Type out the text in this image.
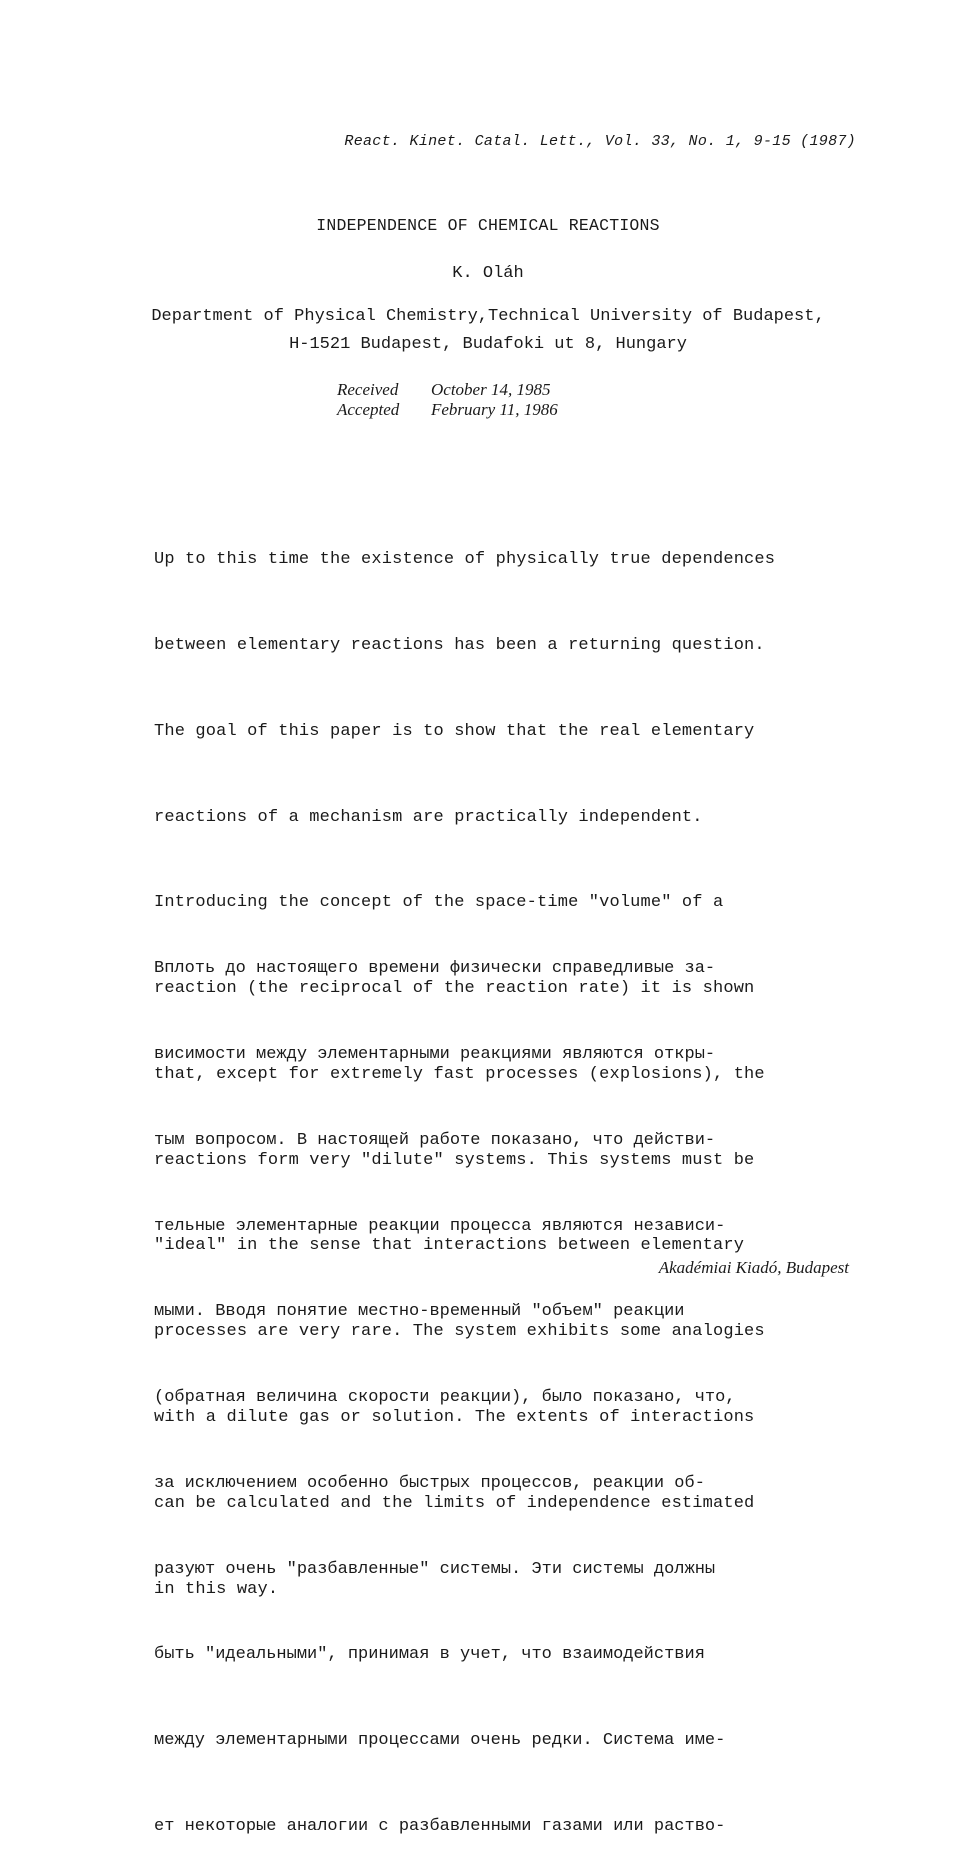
React. Kinet. Catal. Lett., Vol. 33, No. 1, 9-15 (1987)
INDEPENDENCE OF CHEMICAL REACTIONS
K. Oláh
Department of Physical Chemistry,Technical University of Budapest,
H-1521 Budapest, Budafoki ut 8, Hungary
Received	October 14, 1985
Accepted	February 11, 1986

Up to this time the existence of physically true dependences

between elementary reactions has been a returning question.

The goal of this paper is to show that the real elementary

reactions of a mechanism are practically independent.

Introducing the concept of the space-time "volume" of a

reaction (the reciprocal of the reaction rate) it is shown

that, except for extremely fast processes (explosions), the

reactions form very "dilute" systems. This systems must be

"ideal" in the sense that interactions between elementary

processes are very rare. The system exhibits some analogies

with a dilute gas or solution. The extents of interactions

can be calculated and the limits of independence estimated

in this way.

Вплоть до настоящего времени физически справедливые за-

висимости между элементарными реакциями являются откры-

тым вопросом. В настоящей работе показано, что действи-

тельные элементарные реакции процесса являются независи-

мыми. Вводя понятие местно-временный "объем" реакции

(обратная величина скорости реакции), было показано, что,

за исключением особенно быстрых процессов, реакции об-

разуют очень "разбавленные" системы. Эти системы должны

быть "идеальными", принимая в учет, что взаимодействия

между элементарными процессами очень редки. Система име-

ет некоторые аналогии с разбавленными газами или раство-

Akadémiai Kiadó, Budapest
